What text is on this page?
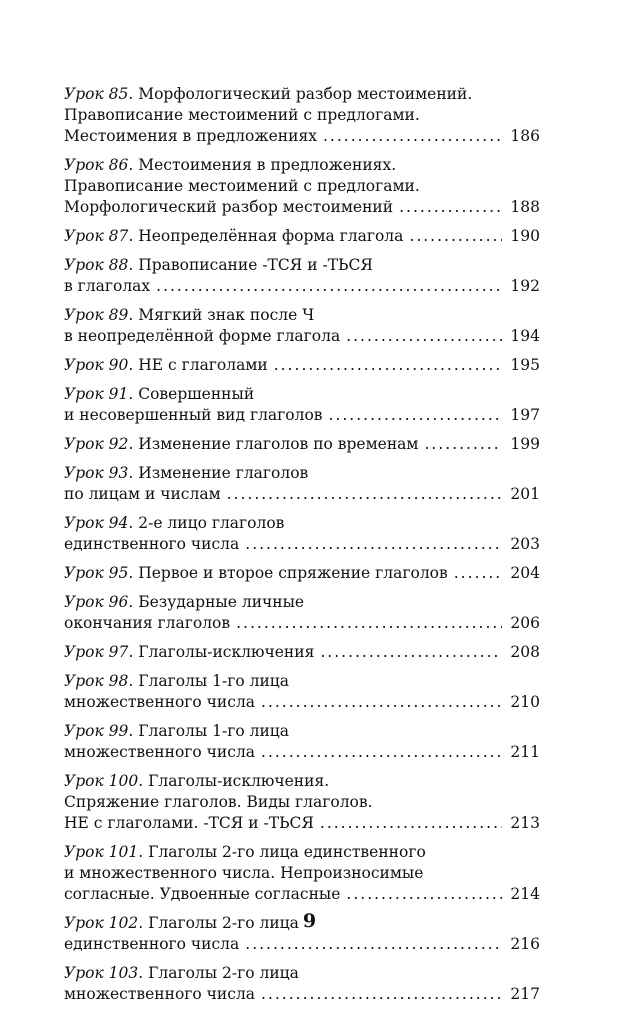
Урок 85. Морфологический разбор местоимений.
Правописание местоимений с предлогами.
Местоимения в предложениях .....	186
Урок 86. Местоимения в предложениях.
Правописание местоимений с предлогами.
Морфологический разбор местоимений .....	188
Урок 87. Неопределённая форма глагола .....	190
Урок 88. Правописание -ТСЯ и -ТЬСЯ
в глаголах .....	192
Урок 89. Мягкий знак после Ч
в неопределённой форме глагола .....	194
Урок 90. НЕ с глаголами .....	195
Урок 91. Совершенный
и несовершенный вид глаголов .....	197
Урок 92. Изменение глаголов по временам .....	199
Урок 93. Изменение глаголов
по лицам и числам .....	201
Урок 94. 2-е лицо глаголов
единственного числа .....	203
Урок 95. Первое и второе спряжение глаголов .....	204
Урок 96. Безударные личные
окончания глаголов .....	206
Урок 97. Глаголы-исключения .....	208
Урок 98. Глаголы 1-го лица
множественного числа .....	210
Урок 99. Глаголы 1-го лица
множественного числа .....	211
Урок 100. Глаголы-исключения.
Спряжение глаголов. Виды глаголов.
НЕ с глаголами. -ТСЯ и -ТЬСЯ .....	213
Урок 101. Глаголы 2-го лица единственного
и множественного числа. Непроизносимые
согласные. Удвоенные согласные .....	214
Урок 102. Глаголы 2-го лица
единственного числа .....	216
Урок 103. Глаголы 2-го лица
множественного числа .....	217
9
